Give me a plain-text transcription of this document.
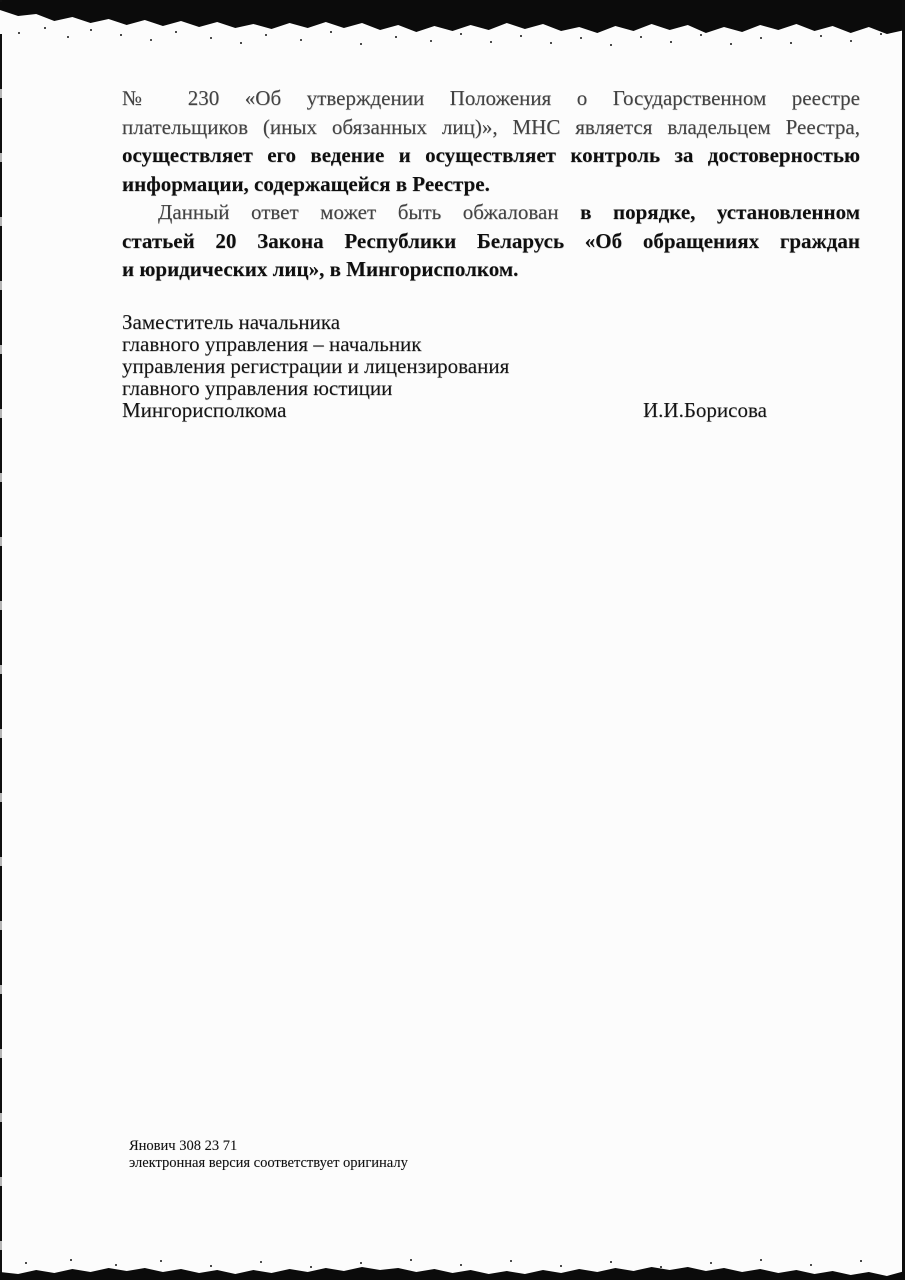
№ 230 «Об утверждении Положения о Государственном реестре
плательщиков (иных обязанных лиц)», МНС является владельцем Реестра,
осуществляет его ведение и осуществляет контроль за достоверностью
информации, содержащейся в Реестре.
Данный ответ может быть обжалован в порядке, установленном
статьей 20 Закона Республики Беларусь «Об обращениях граждан
и юридических лиц», в Мингорисполком.
Заместитель начальника
главного управления – начальник
управления регистрации и лицензирования
главного управления юстиции
Мингорисполкома	И.И.Борисова
Янович 308 23 71
электронная версия соответствует оригиналу
